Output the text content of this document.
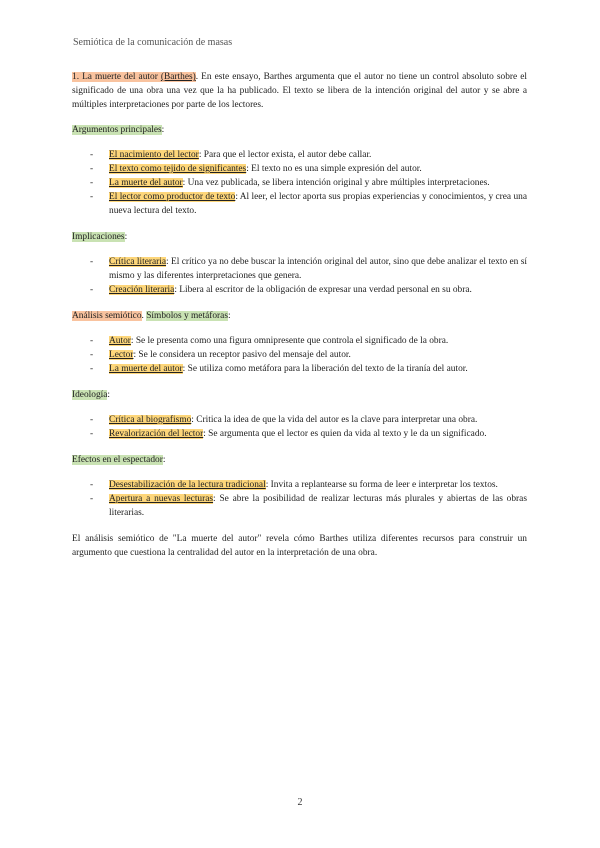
Semiótica de la comunicación de masas

1. La muerte del autor (Barthes). En este ensayo, Barthes argumenta que el autor no tiene un control absoluto sobre el significado de una obra una vez que la ha publicado. El texto se libera de la intención original del autor y se abre a múltiples interpretaciones por parte de los lectores.

Argumentos principales:

- El nacimiento del lector: Para que el lector exista, el autor debe callar.
- El texto como tejido de significantes: El texto no es una simple expresión del autor.
- La muerte del autor: Una vez publicada, se libera intención original y abre múltiples interpretaciones.
- El lector como productor de texto: Al leer, el lector aporta sus propias experiencias y conocimientos, y crea una nueva lectura del texto.

Implicaciones:

- Crítica literaria: El crítico ya no debe buscar la intención original del autor, sino que debe analizar el texto en sí mismo y las diferentes interpretaciones que genera.
- Creación literaria: Libera al escritor de la obligación de expresar una verdad personal en su obra.

Análisis semiótico. Símbolos y metáforas:

- Autor: Se le presenta como una figura omnipresente que controla el significado de la obra.
- Lector: Se le considera un receptor pasivo del mensaje del autor.
- La muerte del autor: Se utiliza como metáfora para la liberación del texto de la tiranía del autor.

Ideología:

- Crítica al biografismo: Critica la idea de que la vida del autor es la clave para interpretar una obra.
- Revalorización del lector: Se argumenta que el lector es quien da vida al texto y le da un significado.

Efectos en el espectador:

- Desestabilización de la lectura tradicional: Invita a replantearse su forma de leer e interpretar los textos.
- Apertura a nuevas lecturas: Se abre la posibilidad de realizar lecturas más plurales y abiertas de las obras literarias.

El análisis semiótico de "La muerte del autor" revela cómo Barthes utiliza diferentes recursos para construir un argumento que cuestiona la centralidad del autor en la interpretación de una obra.

2
